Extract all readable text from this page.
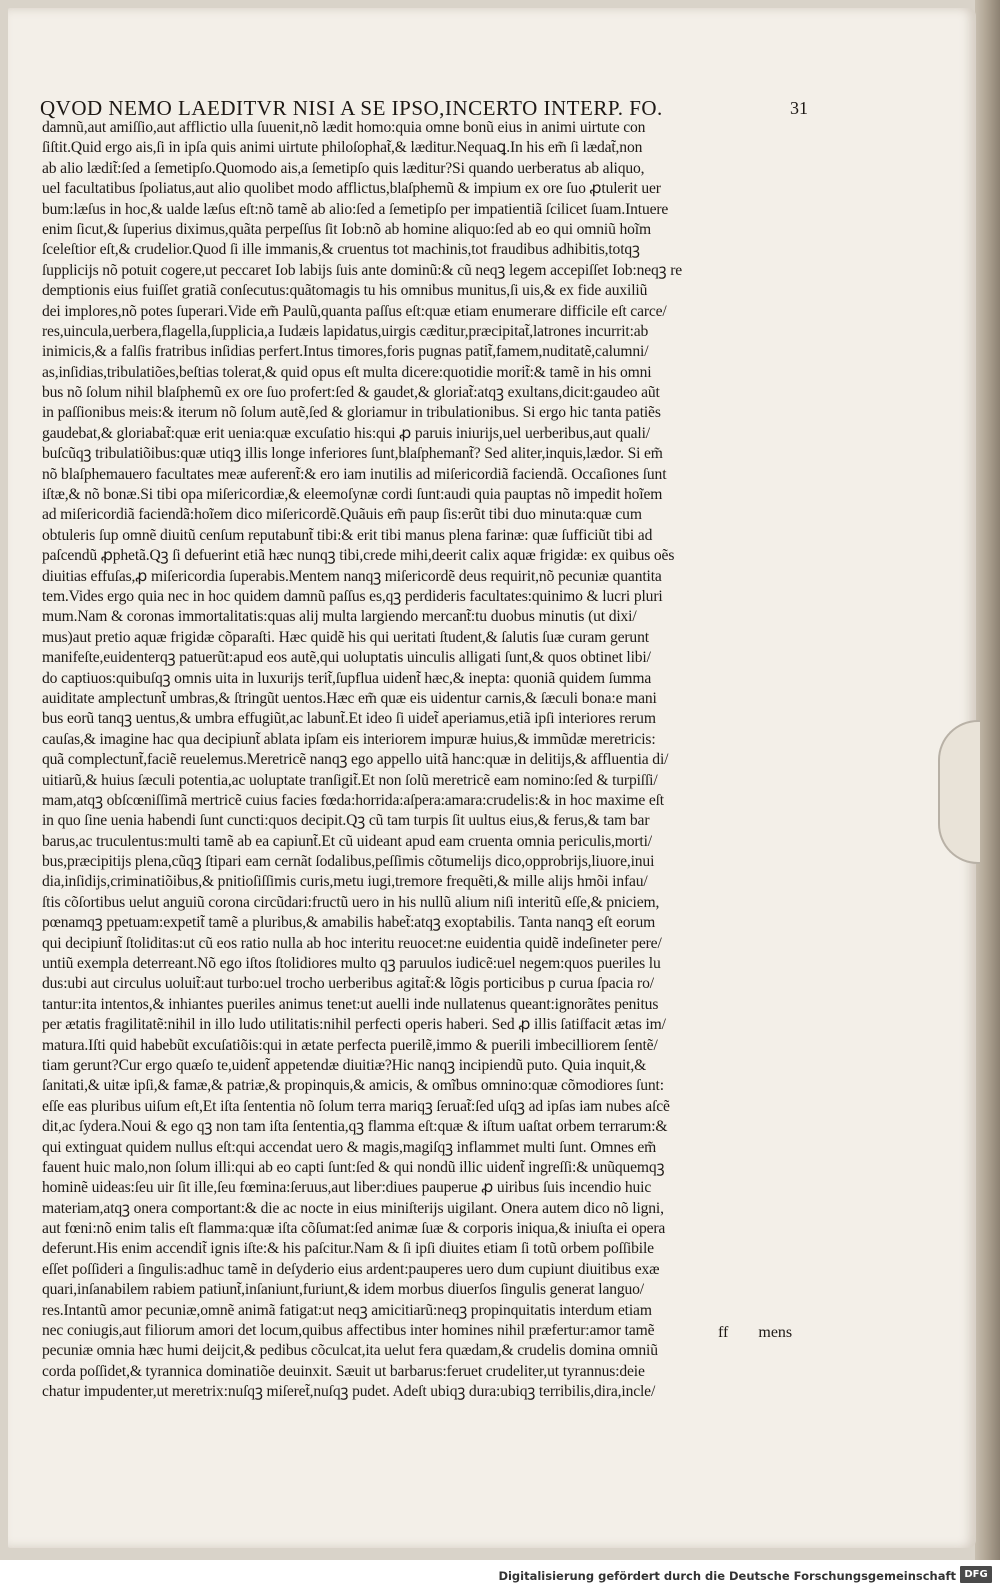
QVOD NEMO LAEDITVR NISI A SE IPSO,INCERTO INTERP. FO.	31
damnũ,aut amiſſio,aut afflictio ulla ſuuenit,nõ lædit homo:quia omne bonũ eius in animi uirtute con
ſiſtit.Quid ergo ais,ſi in ipſa quis animi uirtute philoſophat̃,& læditur.Nequaꝗ.In his em̃ ſi lædat̃,non
ab alio lædit̃:ſed a ſemetipſo.Quomodo ais,a ſemetipſo quis læditur?Si quando uerberatus ab aliquo,
uel facultatibus ſpoliatus,aut alio quolibet modo afflictus,blaſphemũ & impium ex ore ſuo ꝓtulerit uer
bum:læſus in hoc,& ualde læſus eſt:nõ tamẽ ab alio:ſed a ſemetipſo per impatientiã ſcilicet ſuam.Intuere
enim ſicut,& ſuperius diximus,quãta perpeſſus ſit Iob:nõ ab homine aliquo:ſed ab eo qui omniũ hoĩm
ſceleſtior eſt,& crudelior.Quod ſi ille immanis,& cruentus tot machinis,tot fraudibus adhibitis,totqꝫ
ſupplicijs nõ potuit cogere,ut peccaret Iob labijs ſuis ante dominũ:& cũ neqꝫ legem accepiſſet Iob:neqꝫ re
demptionis eius fuiſſet gratiã conſecutus:quãtomagis tu his omnibus munitus,ſi uis,& ex fide auxiliũ
dei implores,nõ potes ſuperari.Vide em̃ Paulũ,quanta paſſus eſt:quæ etiam enumerare difficile eſt carce/
res,uincula,uerbera,flagella,ſupplicia,a Iudæis lapidatus,uirgis cæditur,præcipitat̃,latrones incurrit:ab
inimicis,& a falſis fratribus inſidias perfert.Intus timores,foris pugnas patit̃,famem,nuditatẽ,calumni/
as,inſidias,tribulatiões,beſtias tolerat,& quid opus eſt multa dicere:quotidie morit̃:& tamẽ in his omni
bus nõ ſolum nihil blaſphemũ ex ore ſuo profert:ſed & gaudet,& gloriat̃:atqꝫ exultans,dicit:gaudeo aũt
in paſſionibus meis:& iterum nõ ſolum autẽ,ſed & gloriamur in tribulationibus. Si ergo hic tanta patiẽs
gaudebat,& gloriabat̃:quæ erit uenia:quæ excuſatio his:qui ꝓ paruis iniurijs,uel uerberibus,aut quali/
buſcũqꝫ tribulatiõibus:quæ utiqꝫ illis longe inferiores ſunt,blaſphemant̃? Sed aliter,inquis,lædor. Si em̃
nõ blaſphemauero facultates meæ auferent̃:& ero iam inutilis ad miſericordiã faciendã. Occaſiones ſunt
iſtæ,& nõ bonæ.Si tibi opa miſericordiæ,& eleemoſynæ cordi ſunt:audi quia pauptas nõ impedit hoĩem
ad miſericordiã faciendã:hoĩem dico miſericordẽ.Quãuis em̃ paup ſis:erũt tibi duo minuta:quæ cum
obtuleris ſup omnẽ diuitũ cenſum reputabunt̃ tibi:& erit tibi manus plena farinæ: quæ ſufficiũt tibi ad
paſcendũ ꝓphetã.Qꝫ ſi defuerint etiã hæc nunqꝫ tibi,crede mihi,deerit calix aquæ frigidæ: ex quibus oẽs
diuitias effuſas,ꝓ miſericordia ſuperabis.Mentem nanqꝫ miſericordẽ deus requirit,nõ pecuniæ quantita
tem.Vides ergo quia nec in hoc quidem damnũ paſſus es,qꝫ perdideris facultates:quinimo & lucri pluri
mum.Nam & coronas immortalitatis:quas alij multa largiendo mercant̃:tu duobus minutis (ut dixi/
mus)aut pretio aquæ frigidæ cõparaſti. Hæc quidẽ his qui ueritati ſtudent,& ſalutis ſuæ curam gerunt
manifeſte,euidenterqꝫ patuerũt:apud eos autẽ,qui uoluptatis uinculis alligati ſunt,& quos obtinet libi/
do captiuos:quibuſqꝫ omnis uita in luxurijs terit̃,ſupflua uident̃ hæc,& inepta: quoniã quidem ſumma
auiditate amplectunt̃ umbras,& ſtringũt uentos.Hæc em̃ quæ eis uidentur carnis,& ſæculi bona:e mani
bus eorũ tanqꝫ uentus,& umbra effugiũt,ac labunt̃.Et ideo ſi uidet̃ aperiamus,etiã ipſi interiores rerum
cauſas,& imagine hac qua decipiunt̃ ablata ipſam eis interiorem impuræ huius,& immũdæ meretricis:
quã complectunt̃,faciẽ reuelemus.Meretricẽ nanqꝫ ego appello uitã hanc:quæ in delitijs,& affluentia di/
uitiarũ,& huius ſæculi potentia,ac uoluptate tranſigit̃.Et non ſolũ meretricẽ eam nomino:ſed & turpiſſi/
mam,atqꝫ obſcœniſſimã mertricẽ cuius facies fœda:horrida:aſpera:amara:crudelis:& in hoc maxime eſt
in quo ſine uenia habendi ſunt cuncti:quos decipit.Qꝫ cũ tam turpis ſit uultus eius,& ferus,& tam bar
barus,ac truculentus:multi tamẽ ab ea capiunt̃.Et cũ uideant apud eam cruenta omnia periculis,morti/
bus,præcipitijs plena,cũqꝫ ſtipari eam cernãt ſodalibus,peſſimis cõtumelijs dico,opprobrijs,liuore,inui
dia,inſidijs,criminatiõibus,& pnitioſiſſimis curis,metu iugi,tremore frequẽti,& mille alijs hmõi infau/
ſtis cõſortibus uelut anguiũ corona circũdari:fructũ uero in his nullũ alium niſi interitũ eſſe,& pniciem,
pœnamqꝫ ppetuam:expetit̃ tamẽ a pluribus,& amabilis habet̃:atqꝫ exoptabilis. Tanta nanqꝫ eſt eorum
qui decipiunt̃ ſtoliditas:ut cũ eos ratio nulla ab hoc interitu reuocet:ne euidentia quidẽ indeſineter pere/
untiũ exempla deterreant.Nõ ego iſtos ſtolidiores multo qꝫ paruulos iudicẽ:uel negem:quos pueriles lu
dus:ubi aut circulus uoluit̃:aut turbo:uel trocho uerberibus agitat̃:& lõgis porticibus p curua ſpacia ro/
tantur:ita intentos,& inhiantes pueriles animus tenet:ut auelli inde nullatenus queant:ignorãtes penitus
per ætatis fragilitatẽ:nihil in illo ludo utilitatis:nihil perfecti operis haberi. Sed ꝓ illis ſatiſfacit ætas im/
matura.Iſti quid habebũt excuſatiõis:qui in ætate perfecta puerilẽ,immo & puerili imbecilliorem ſentẽ/
tiam gerunt?Cur ergo quæſo te,uident̃ appetendæ diuitiæ?Hic nanqꝫ incipiendũ puto. Quia inquit,&
ſanitati,& uitæ ipſi,& famæ,& patriæ,& propinquis,& amicis, & omĩbus omnino:quæ cõmodiores ſunt:
eſſe eas pluribus uiſum eſt,Et iſta ſententia nõ ſolum terra mariqꝫ ſeruat̃:ſed uſqꝫ ad ipſas iam nubes aſcẽ
dit,ac ſydera.Noui & ego qꝫ non tam iſta ſententia,qꝫ flamma eſt:quæ & iſtum uaſtat orbem terrarum:&
qui extinguat quidem nullus eſt:qui accendat uero & magis,magiſqꝫ inflammet multi ſunt. Omnes em̃
fauent huic malo,non ſolum illi:qui ab eo capti ſunt:ſed & qui nondũ illic uident̃ ingreſſi:& unũquemqꝫ
hominẽ uideas:ſeu uir ſit ille,ſeu fœmina:ſeruus,aut liber:diues pauperue ꝓ uiribus ſuis incendio huic
materiam,atqꝫ onera comportant:& die ac nocte in eius miniſterijs uigilant. Onera autem dico nõ ligni,
aut fœni:nõ enim talis eſt flamma:quæ iſta cõſumat:ſed animæ ſuæ & corporis iniqua,& iniuſta ei opera
deferunt.His enim accendit̃ ignis iſte:& his paſcitur.Nam & ſi ipſi diuites etiam ſi totũ orbem poſſibile
eſſet poſſideri a ſingulis:adhuc tamẽ in deſyderio eius ardent:pauperes uero dum cupiunt diuitibus exæ
quari,inſanabilem rabiem patiunt̃,inſaniunt,furiunt,& idem morbus diuerſos ſingulis generat languo/
res.Intantũ amor pecuniæ,omnẽ animã fatigat:ut neqꝫ amicitiarũ:neqꝫ propinquitatis interdum etiam
nec coniugis,aut filiorum amori det locum,quibus affectibus inter homines nihil præfertur:amor tamẽ
pecuniæ omnia hæc humi deijcit,& pedibus cõculcat,ita uelut fera quædam,& crudelis domina omniũ
corda poſſidet,& tyrannica dominatiõe deuinxit. Sæuit ut barbarus:feruet crudeliter,ut tyrannus:deie
chatur impudenter,ut meretrix:nuſqꝫ miſeret̃,nuſqꝫ pudet. Adeſt ubiqꝫ dura:ubiqꝫ terribilis,dira,incle/
ff mens
Digitalisierung gefördert durch die Deutsche Forschungsgemeinschaft DFG
